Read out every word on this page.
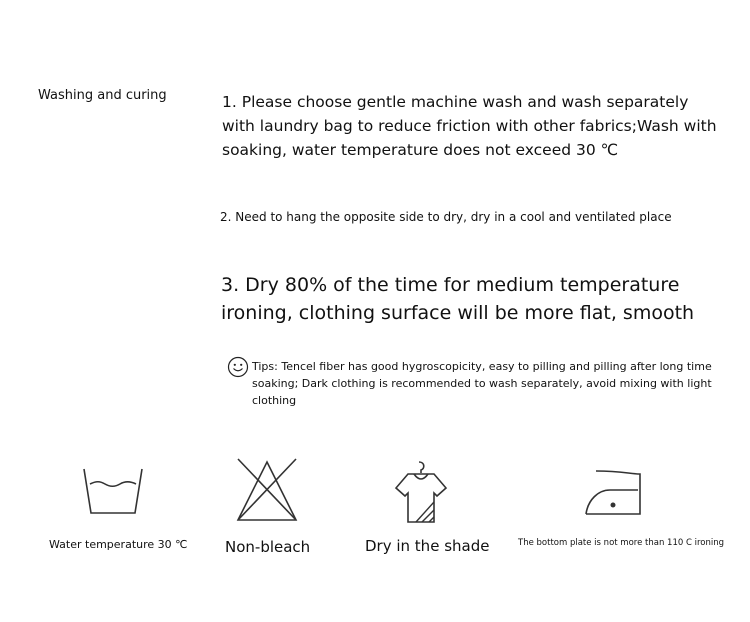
Washing and curing	1. Please choose gentle machine wash and wash separately with laundry bag to reduce friction with other fabrics;Wash with soaking, water temperature does not exceed 30 ℃
2. Need to hang the opposite side to dry, dry in a cool and ventilated place
3. Dry 80% of the time for medium temperature ironing, clothing surface will be more flat, smooth
Tips: Tencel fiber has good hygroscopicity, easy to pilling and pilling after long time soaking; Dark clothing is recommended to wash separately, avoid mixing with light clothing
Water temperature 30 ℃	Non-bleach	Dry in the shade	The bottom plate is not more than 110 C ironing
